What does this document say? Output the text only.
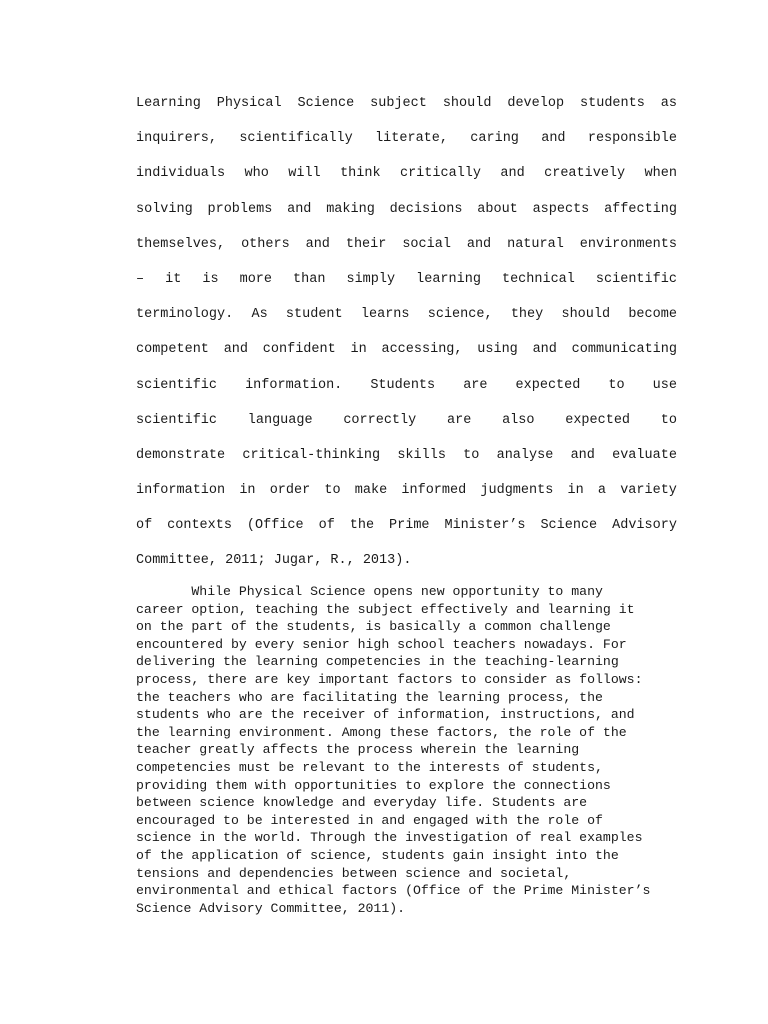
Learning Physical Science subject should develop students as
inquirers, scientifically literate, caring and responsible
individuals who will think critically and creatively when
solving problems and making decisions about aspects affecting
themselves, others and their social and natural environments
– it is more than simply learning technical scientific
terminology. As student learns science, they should become
competent and confident in accessing, using and communicating
scientific information. Students are expected to use
scientific language correctly are also expected to
demonstrate critical-thinking skills to analyse and evaluate
information in order to make informed judgments in a variety
of contexts (Office of the Prime Minister’s Science Advisory
Committee, 2011; Jugar, R., 2013).
While Physical Science opens new opportunity to many
career option, teaching the subject effectively and learning it
on the part of the students, is basically a common challenge
encountered by every senior high school teachers nowadays. For
delivering the learning competencies in the teaching-learning
process, there are key important factors to consider as follows:
the teachers who are facilitating the learning process, the
students who are the receiver of information, instructions, and
the learning environment. Among these factors, the role of the
teacher greatly affects the process wherein the learning
competencies must be relevant to the interests of students,
providing them with opportunities to explore the connections
between science knowledge and everyday life. Students are
encouraged to be interested in and engaged with the role of
science in the world. Through the investigation of real examples
of the application of science, students gain insight into the
tensions and dependencies between science and societal,
environmental and ethical factors (Office of the Prime Minister’s
Science Advisory Committee, 2011).
